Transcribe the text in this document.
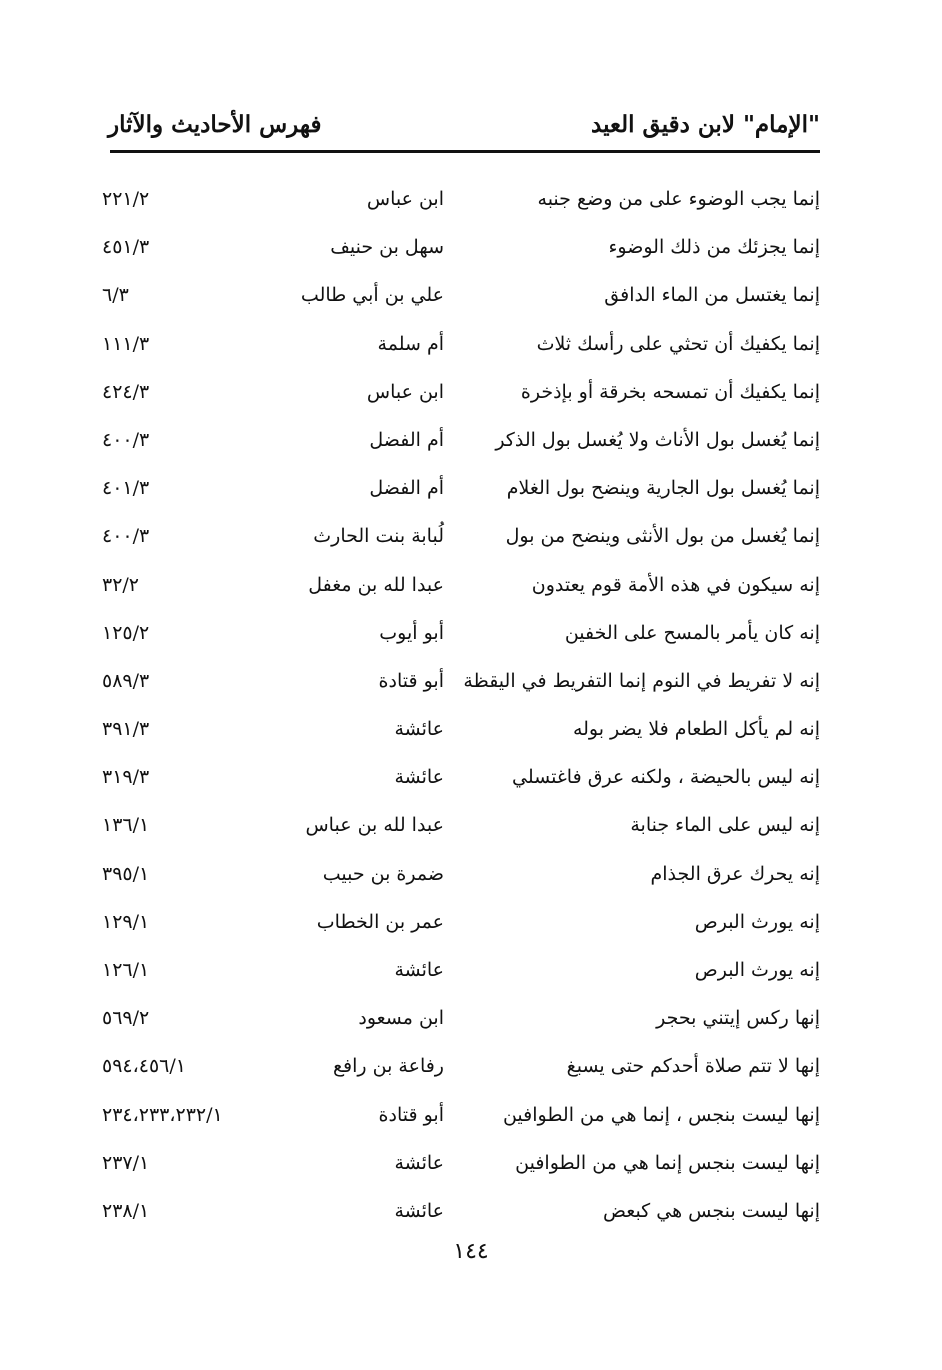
"الإمام" لابن دقيق العيد
فهرس الأحاديث والآثار
إنما يجب الوضوء على من وضع جنبه
ابن عباس
٢٢١/٢
إنما يجزئك من ذلك الوضوء
سهل بن حنيف
٤٥١/٣
إنما يغتسل من الماء الدافق
علي بن أبي طالب
٦/٣
إنما يكفيك أن تحثي على رأسك ثلاث
أم سلمة
١١١/٣
إنما يكفيك أن تمسحه بخرقة أو بإذخرة
ابن عباس
٤٢٤/٣
إنما يُغسل بول الأناث ولا يُغسل بول الذكر
أم الفضل
٤٠٠/٣
إنما يُغسل بول الجارية وينضح بول الغلام
أم الفضل
٤٠١/٣
إنما يُغسل من بول الأنثى وينضح من بول
لُبابة بنت الحارث
٤٠٠/٣
إنه سيكون في هذه الأمة قوم يعتدون
عبدا لله بن مغفل
٣٢/٢
إنه كان يأمر بالمسح على الخفين
أبو أيوب
١٢٥/٢
إنه لا تفريط في النوم إنما التفريط في اليقظة
أبو قتادة
٥٨٩/٣
إنه لم يأكل الطعام فلا يضر بوله
عائشة
٣٩١/٣
إنه ليس بالحيضة ، ولكنه عرق فاغتسلي
عائشة
٣١٩/٣
إنه ليس على الماء جنابة
عبدا لله بن عباس
١٣٦/١
إنه يحرك عرق الجذام
ضمرة بن حبيب
٣٩٥/١
إنه يورث البرص
عمر بن الخطاب
١٢٩/١
إنه يورث البرص
عائشة
١٢٦/١
إنها ركس إيتني بحجر
ابن مسعود
٥٦٩/٢
إنها لا تتم صلاة أحدكم حتى يسبغ
رفاعة بن رافع
٥٩٤،٤٥٦/١
إنها ليست بنجس ، إنما هي من الطوافين
أبو قتادة
٢٣٤،٢٣٣،٢٣٢/١
إنها ليست بنجس إنما هي من الطوافين
عائشة
٢٣٧/١
إنها ليست بنجس هي كبعض
عائشة
٢٣٨/١
١٤٤
